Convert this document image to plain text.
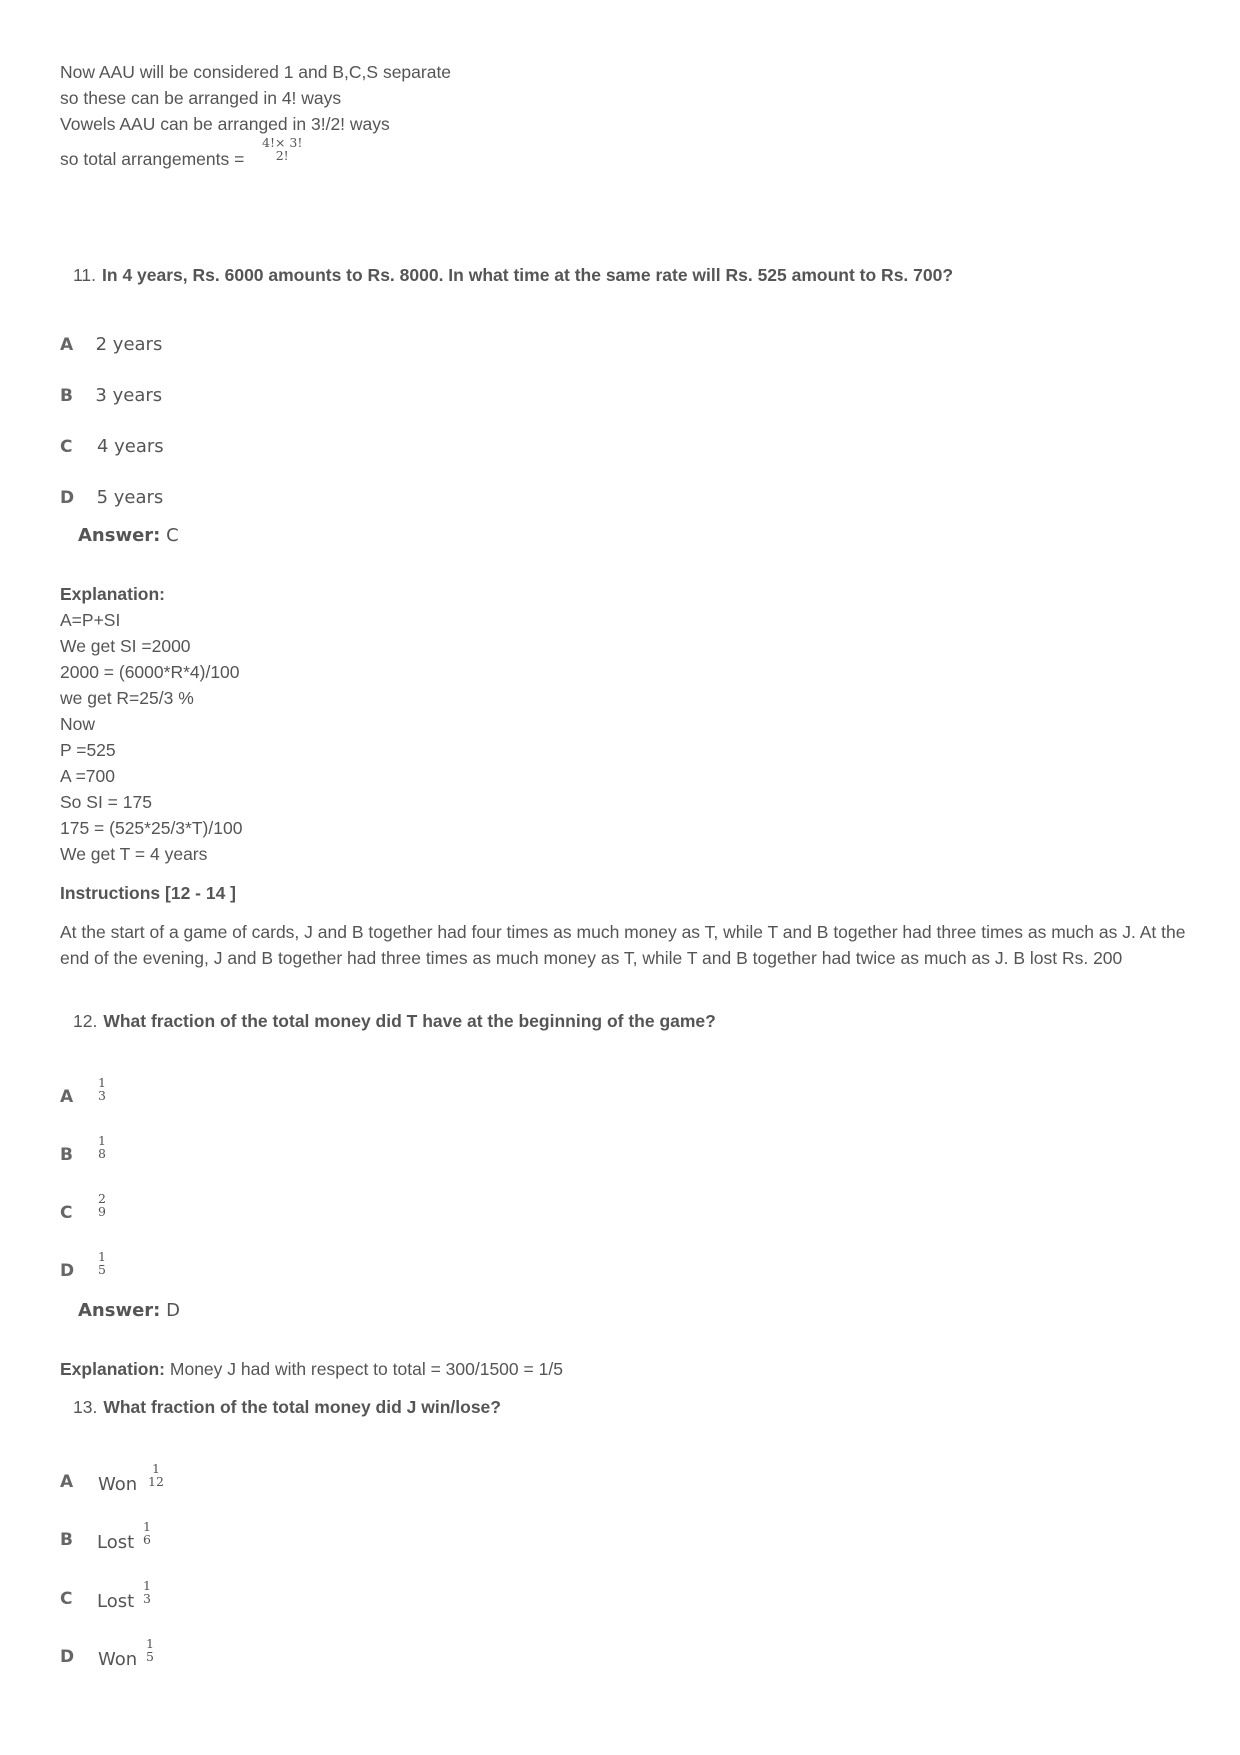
Now AAU will be considered 1 and B,C,S separate
so these can be arranged in 4! ways
Vowels AAU can be arranged in 3!/2! ways
so total arrangements =
4!× 3!
2!
11. In 4 years, Rs. 6000 amounts to Rs. 8000. In what time at the same rate will Rs. 525 amount to Rs. 700?
A 2 years
B 3 years
C 4 years
D 5 years
Answer: C
Explanation:
A=P+SI
We get SI =2000
2000 = (6000*R*4)/100
we get R=25/3 %
Now
P =525
A =700
So SI = 175
175 = (525*25/3*T)/100
We get T = 4 years
Instructions [12 - 14 ]
At the start of a game of cards, J and B together had four times as much money as T, while T and B together had three times as much as J. At the end of the evening, J and B together had three times as much money as T, while T and B together had twice as much as J. B lost Rs. 200
12. What fraction of the total money did T have at the beginning of the game?
A
1
3
B
1
8
C
2
9
D
1
5
Answer: D
Explanation: Money J had with respect to total = 300/1500 = 1/5
13. What fraction of the total money did J win/lose?
A Won
1
12
B Lost
1
6
C Lost
1
3
D Won
1
5
